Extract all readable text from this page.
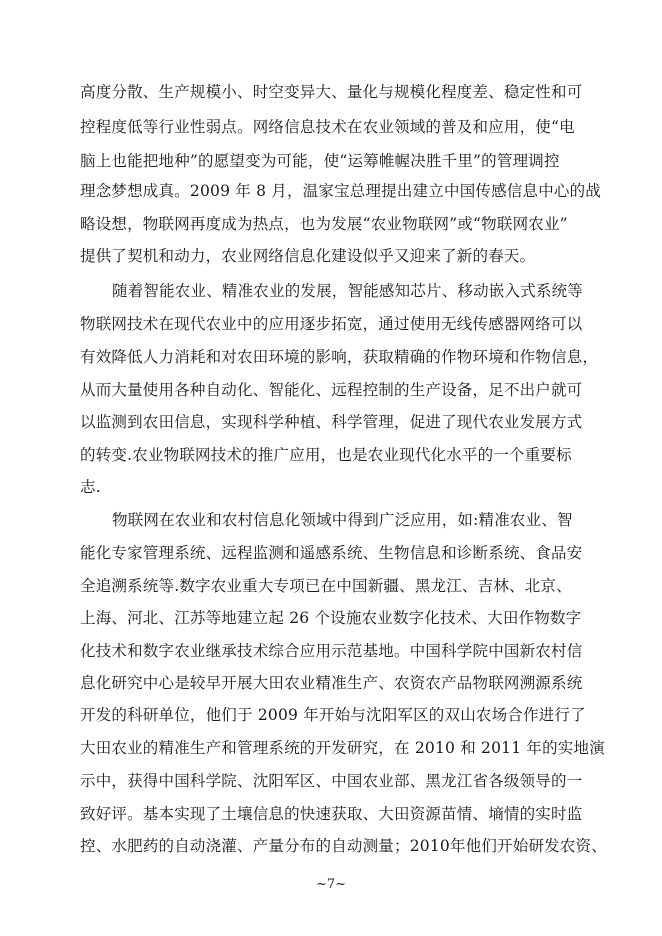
高度分散、生产规模小、时空变异大、量化与规模化程度差、稳定性和可
控程度低等行业性弱点。网络信息技术在农业领域的普及和应用，使“电
脑上也能把地种”的愿望变为可能，使“运筹帷幄决胜千里”的管理调控
理念梦想成真。2009 年 8 月，温家宝总理提出建立中国传感信息中心的战
略设想，物联网再度成为热点，也为发展“农业物联网”或“物联网农业”
提供了契机和动力，农业网络信息化建设似乎又迎来了新的春天。
随着智能农业、精准农业的发展，智能感知芯片、移动嵌入式系统等
物联网技术在现代农业中的应用逐步拓宽，通过使用无线传感器网络可以
有效降低人力消耗和对农田环境的影响，获取精确的作物环境和作物信息，
从而大量使用各种自动化、智能化、远程控制的生产设备，足不出户就可
以监测到农田信息，实现科学种植、科学管理，促进了现代农业发展方式
的转变.农业物联网技术的推广应用，也是农业现代化水平的一个重要标
志.
物联网在农业和农村信息化领域中得到广泛应用，如:精准农业、智
能化专家管理系统、远程监测和遥感系统、生物信息和诊断系统、食品安
全追溯系统等.数字农业重大专项已在中国新疆、黑龙江、吉林、北京、
上海、河北、江苏等地建立起 26 个设施农业数字化技术、大田作物数字
化技术和数字农业继承技术综合应用示范基地。中国科学院中国新农村信
息化研究中心是较早开展大田农业精准生产、农资农产品物联网溯源系统
开发的科研单位，他们于 2009 年开始与沈阳军区的双山农场合作进行了
大田农业的精准生产和管理系统的开发研究，在 2010 和 2011 年的实地演
示中，获得中国科学院、沈阳军区、中国农业部、黑龙江省各级领导的一
致好评。基本实现了土壤信息的快速获取、大田资源苗情、墒情的实时监
控、水肥药的自动浇灌、产量分布的自动测量；2010年他们开始研发农资、
~7~
